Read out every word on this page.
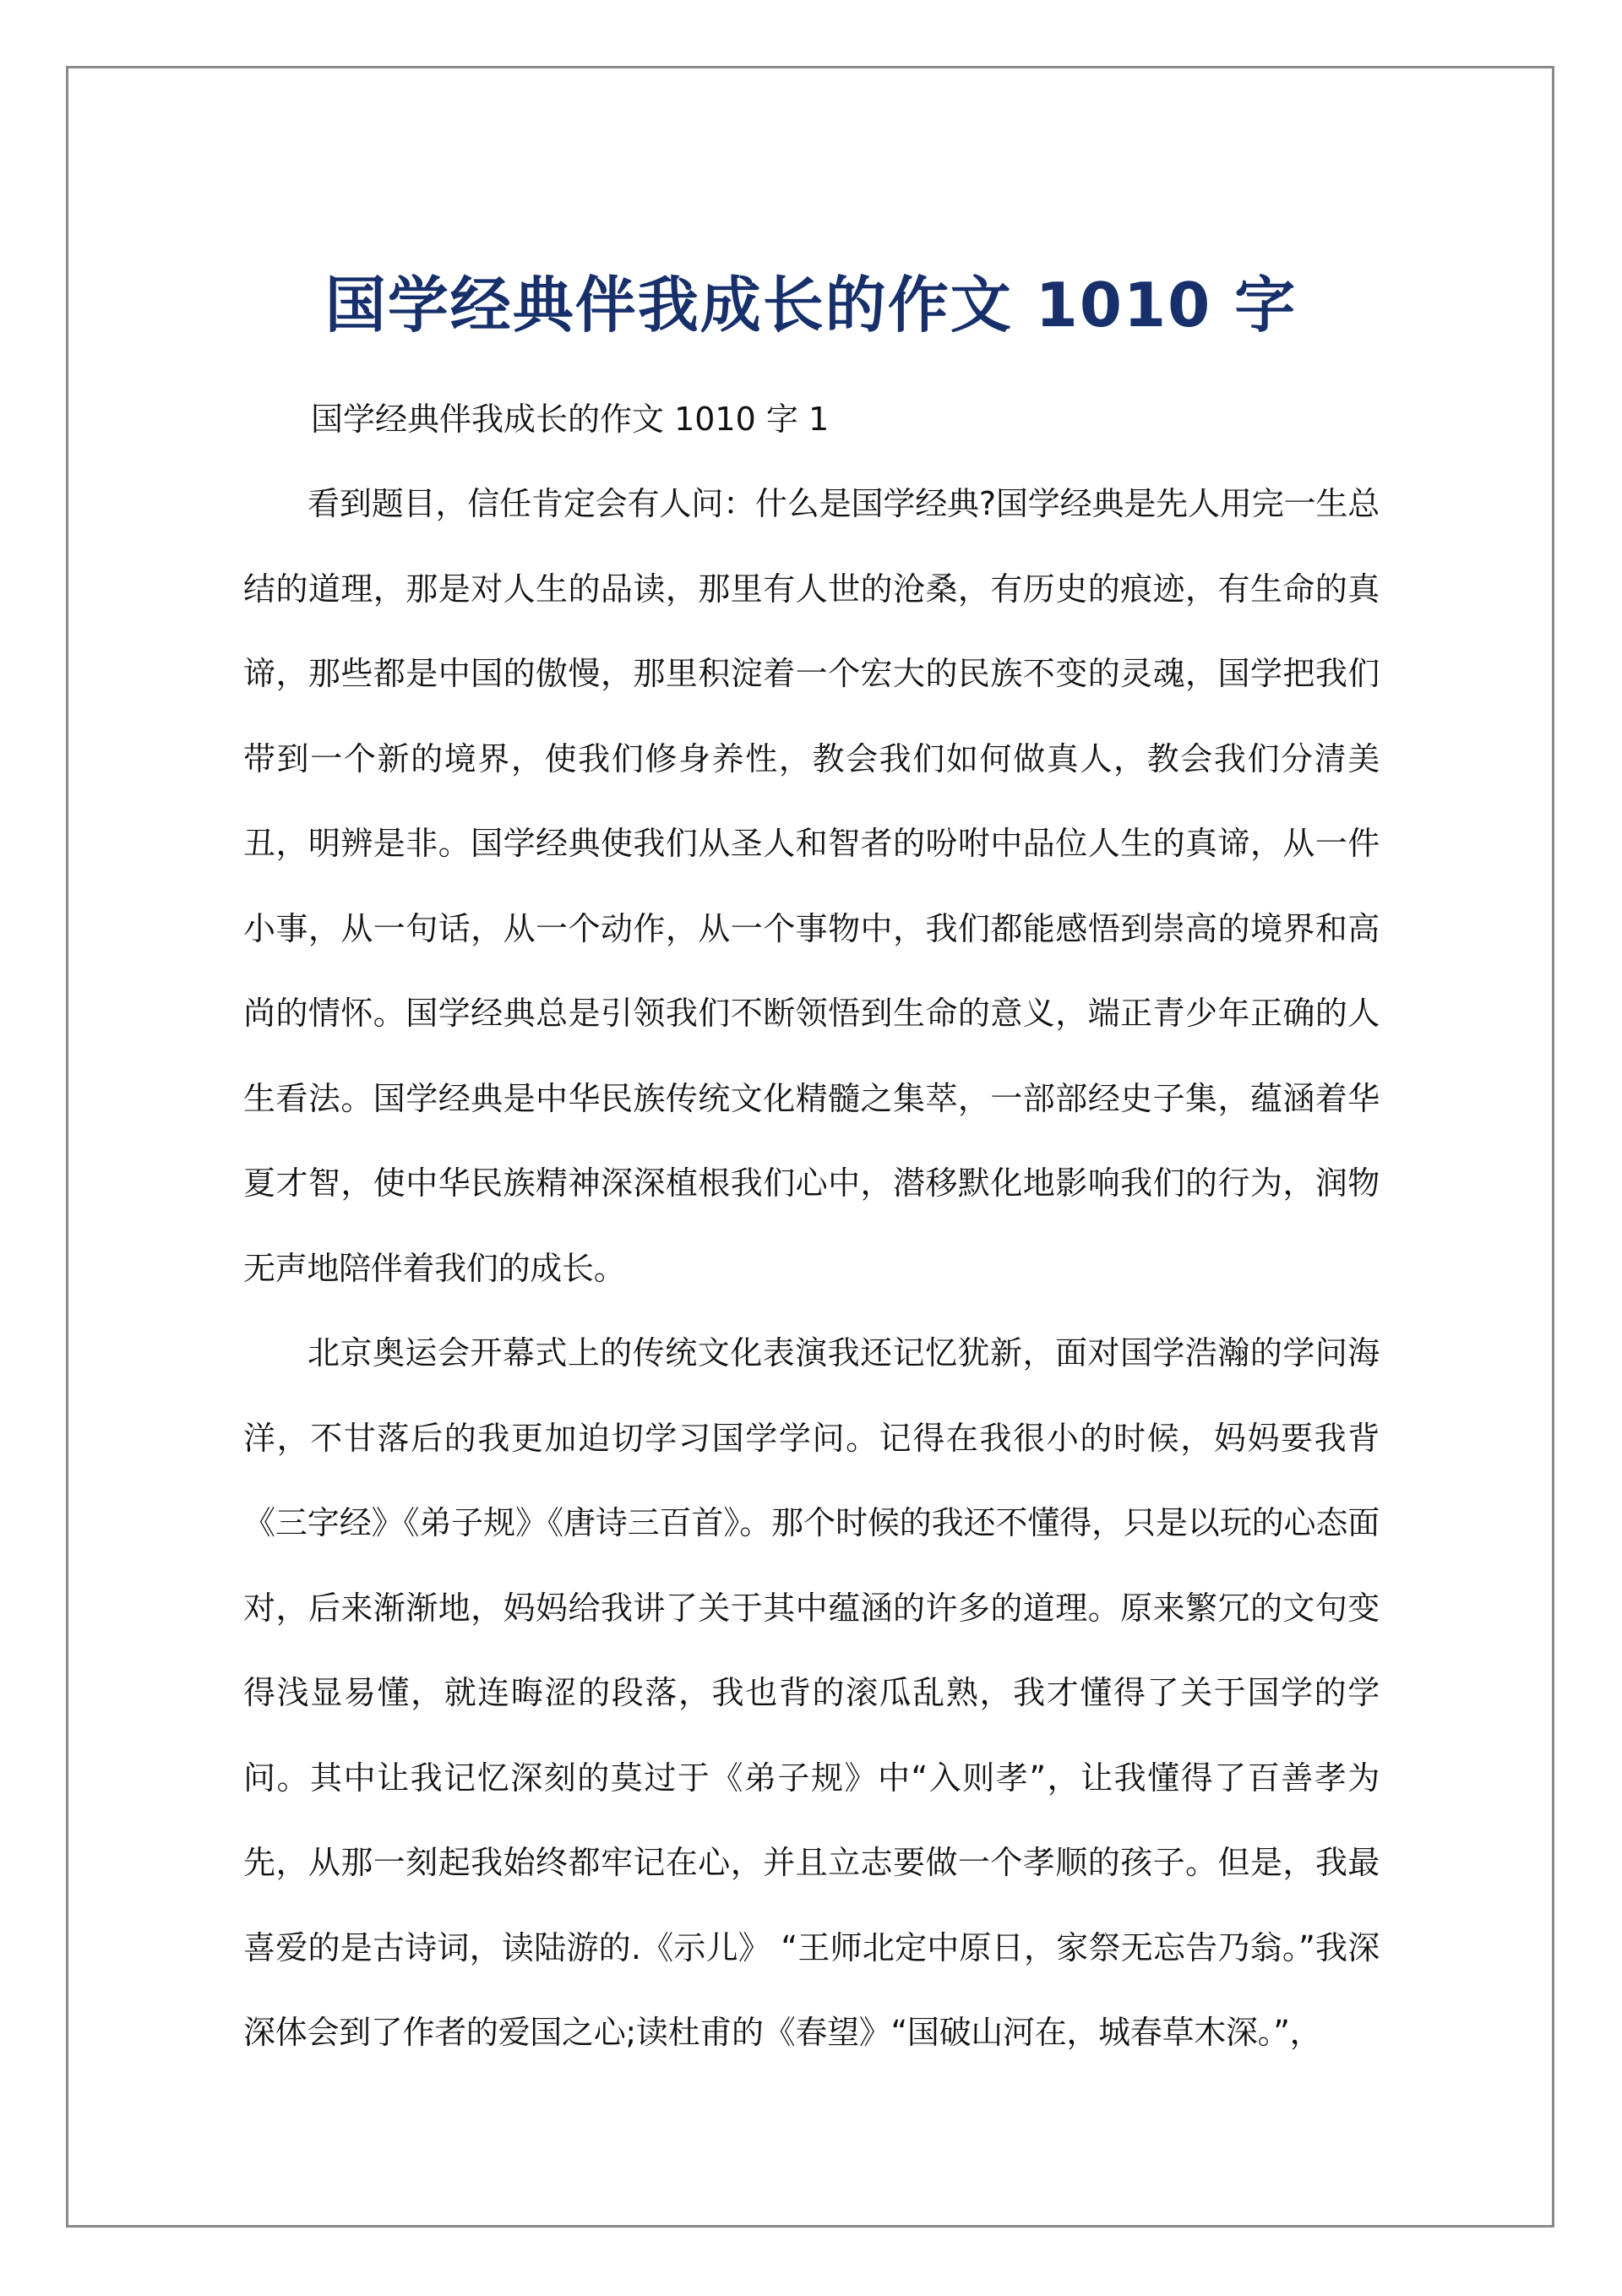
国学经典伴我成长的作文 1010 字

国学经典伴我成长的作文 1010 字 1

看到题目，信任肯定会有人问：什么是国学经典?国学经典是先人用完一生总结的道理，那是对人生的品读，那里有人世的沧桑，有历史的痕迹，有生命的真谛，那些都是中国的傲慢，那里积淀着一个宏大的民族不变的灵魂，国学把我们带到一个新的境界，使我们修身养性，教会我们如何做真人，教会我们分清美丑，明辨是非。国学经典使我们从圣人和智者的吩咐中品位人生的真谛，从一件小事，从一句话，从一个动作，从一个事物中，我们都能感悟到崇高的境界和高尚的情怀。国学经典总是引领我们不断领悟到生命的意义，端正青少年正确的人生看法。国学经典是中华民族传统文化精髓之集萃，一部部经史子集，蕴涵着华夏才智，使中华民族精神深深植根我们心中，潜移默化地影响我们的行为，润物无声地陪伴着我们的成长。

北京奥运会开幕式上的传统文化表演我还记忆犹新，面对国学浩瀚的学问海洋，不甘落后的我更加迫切学习国学学问。记得在我很小的时候，妈妈要我背《三字经》《弟子规》《唐诗三百首》。那个时候的我还不懂得，只是以玩的心态面对，后来渐渐地，妈妈给我讲了关于其中蕴涵的许多的道理。原来繁冗的文句变得浅显易懂，就连晦涩的段落，我也背的滚瓜乱熟，我才懂得了关于国学的学问。其中让我记忆深刻的莫过于《弟子规》中“入则孝”，让我懂得了百善孝为先，从那一刻起我始终都牢记在心，并且立志要做一个孝顺的孩子。但是，我最喜爱的是古诗词，读陆游的.《示儿》 “王师北定中原日，家祭无忘告乃翁。”我深深体会到了作者的爱国之心;读杜甫的《春望》“国破山河在，城春草木深。”，
